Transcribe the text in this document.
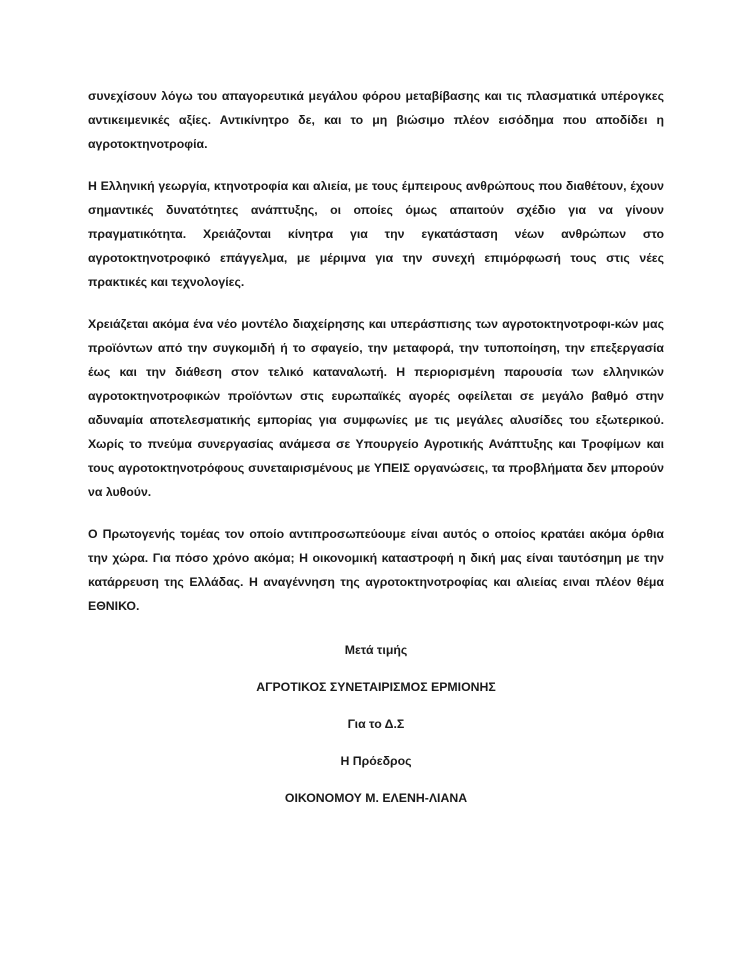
συνεχίσουν λόγω του απαγορευτικά μεγάλου φόρου μεταβίβασης και τις πλασματικά υπέρογκες αντικειμενικές αξίες. Αντικίνητρο δε, και το μη βιώσιμο πλέον εισόδημα που αποδίδει η αγροτοκτηνοτροφία.

Η Ελληνική γεωργία, κτηνοτροφία και αλιεία, με τους έμπειρους ανθρώπους που διαθέτουν, έχουν σημαντικές δυνατότητες ανάπτυξης, οι οποίες όμως απαιτούν σχέδιο για να γίνουν πραγματικότητα. Χρειάζονται κίνητρα για την εγκατάσταση νέων ανθρώπων στο αγροτοκτηνοτροφικό επάγγελμα, με μέριμνα για την συνεχή επιμόρφωσή τους στις νέες πρακτικές και τεχνολογίες.

Χρειάζεται ακόμα ένα νέο μοντέλο διαχείρησης και υπεράσπισης των αγροτοκτηνοτροφι-κών μας προϊόντων από την συγκομιδή ή το σφαγείο, την μεταφορά, την τυποποίηση, την επεξεργασία έως και την διάθεση στον τελικό καταναλωτή. Η περιορισμένη παρουσία των ελληνικών αγροτοκτηνοτροφικών προϊόντων στις ευρωπαϊκές αγορές οφείλεται σε μεγάλο βαθμό στην αδυναμία αποτελεσματικής εμπορίας για συμφωνίες με τις μεγάλες αλυσίδες του εξωτερικού. Χωρίς το πνεύμα συνεργασίας ανάμεσα σε Υπουργείο Αγροτικής Ανάπτυξης και Τροφίμων και τους αγροτοκτηνοτρόφους συνεταιρισμένους με ΥΠΕΙΣ οργανώσεις, τα προβλήματα δεν μπορούν να λυθούν.

Ο Πρωτογενής τομέας τον οποίο αντιπροσωπεύουμε είναι αυτός ο οποίος κρατάει ακόμα όρθια την χώρα. Για πόσο χρόνο ακόμα; Η οικονομική καταστροφή η δική μας είναι ταυτόσημη με την κατάρρευση της Ελλάδας. Η αναγέννηση της αγροτοκτηνοτροφίας και αλιείας ειναι πλέον θέμα ΕΘΝΙΚΟ.

Μετά τιμής

ΑΓΡΟΤΙΚΟΣ ΣΥΝΕΤΑΙΡΙΣΜΟΣ ΕΡΜΙΟΝΗΣ

Για το Δ.Σ

Η Πρόεδρος

ΟΙΚΟΝΟΜΟΥ Μ. ΕΛΕΝΗ-ΛΙΑΝΑ
